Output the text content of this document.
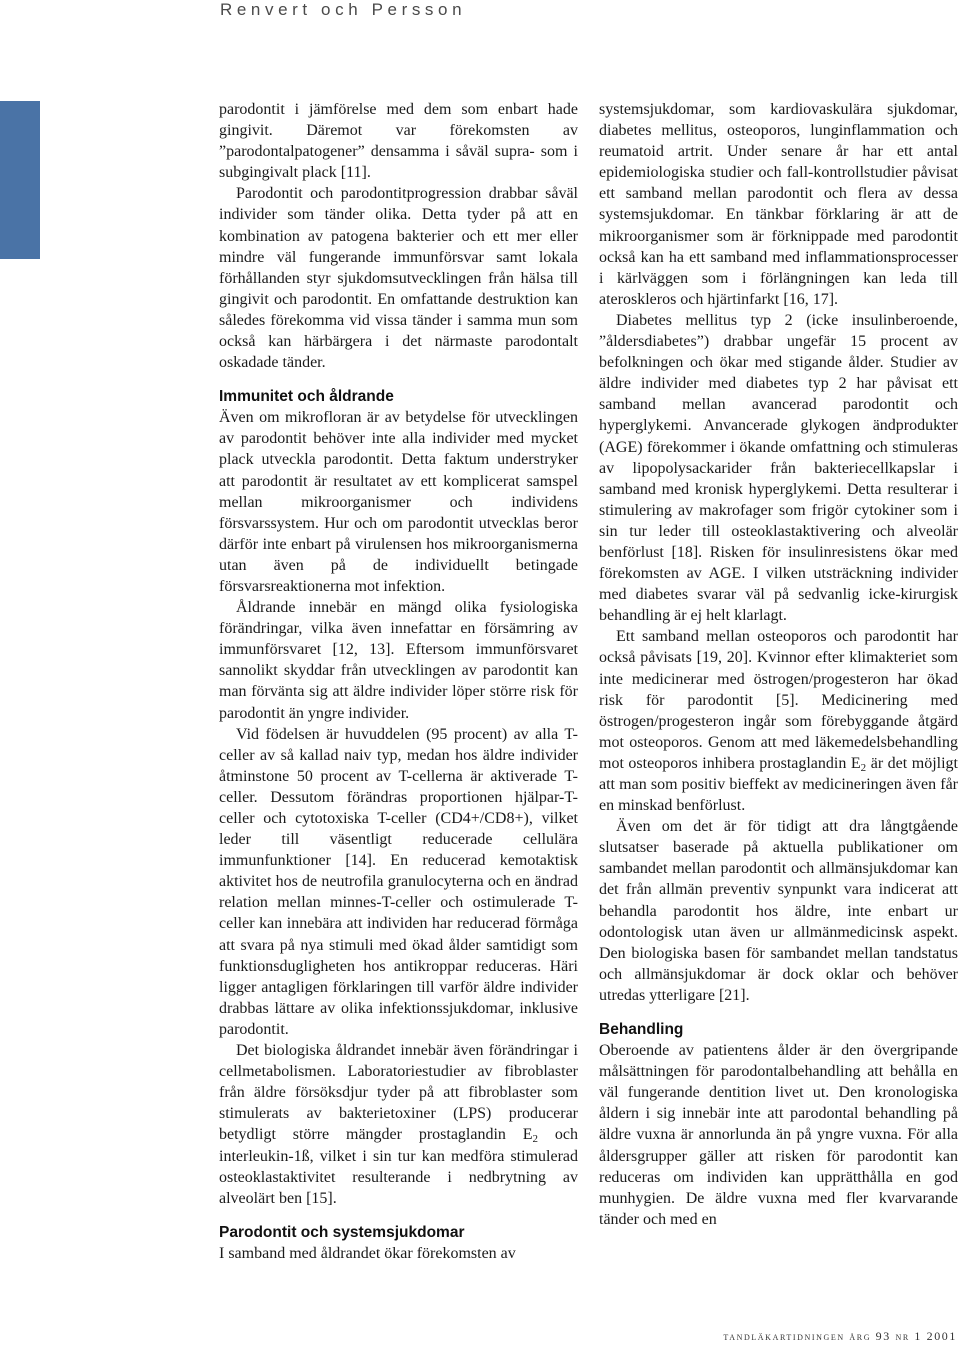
Renvert och Persson

parodontit i jämförelse med dem som enbart hade gingivit. Däremot var förekomsten av ”parodontalpatogener” densamma i såväl supra- som i subgingivalt plack [11].

Parodontit och parodontitprogression drabbar såväl individer som tänder olika. Detta tyder på att en kombination av patogena bakterier och ett mer eller mindre väl fungerande immunförsvar samt lokala förhållanden styr sjukdomsutvecklingen från hälsa till gingivit och parodontit. En omfattande destruktion kan således förekomma vid vissa tänder i samma mun som också kan härbärgera i det närmaste parodontalt oskadade tänder.

Immunitet och åldrande

Även om mikrofloran är av betydelse för utvecklingen av parodontit behöver inte alla individer med mycket plack utveckla parodontit. Detta faktum understryker att parodontit är resultatet av ett komplicerat samspel mellan mikroorganismer och individens försvarssystem. Hur och om parodontit utvecklas beror därför inte enbart på virulensen hos mikroorganismerna utan även på de individuellt betingade försvarsreaktionerna mot infektion.

Åldrande innebär en mängd olika fysiologiska förändringar, vilka även innefattar en försämring av immunförsvaret [12, 13]. Eftersom immunförsvaret sannolikt skyddar från utvecklingen av parodontit kan man förvänta sig att äldre individer löper större risk för parodontit än yngre individer.

Vid födelsen är huvuddelen (95 procent) av alla T-celler av så kallad naiv typ, medan hos äldre individer åtminstone 50 procent av T-cellerna är aktiverade T-celler. Dessutom förändras proportionen hjälpar-T-celler och cytotoxiska T-celler (CD4+/CD8+), vilket leder till väsentligt reducerade cellulära immunfunktioner [14]. En reducerad kemotaktisk aktivitet hos de neutrofila granulocyterna och en ändrad relation mellan minnes-T-celler och ostimulerade T-celler kan innebära att individen har reducerad förmåga att svara på nya stimuli med ökad ålder samtidigt som funktionsdugligheten hos antikroppar reduceras. Häri ligger antagligen förklaringen till varför äldre individer drabbas lättare av olika infektionssjukdomar, inklusive parodontit.

Det biologiska åldrandet innebär även förändringar i cellmetabolismen. Laboratoriestudier av fibroblaster från äldre försöksdjur tyder på att fibroblaster som stimulerats av bakterietoxiner (LPS) producerar betydligt större mängder prostaglandin $E_2$ och interleukin-1ß, vilket i sin tur kan medföra stimulerad osteoklastaktivitet resulterande i nedbrytning av alveolärt ben [15].

Parodontit och systemsjukdomar

I samband med åldrandet ökar förekomsten av

systemsjukdomar, som kardiovaskulära sjukdomar, diabetes mellitus, osteoporos, lunginflammation och reumatoid artrit. Under senare år har ett antal epidemiologiska studier och fall-kontrollstudier påvisat ett samband mellan parodontit och flera av dessa systemsjukdomar. En tänkbar förklaring är att de mikroorganismer som är förknippade med parodontit också kan ha ett samband med inflammationsprocesser i kärlväggen som i förlängningen kan leda till ateroskleros och hjärtinfarkt [16, 17].

Diabetes mellitus typ 2 (icke insulinberoende, ”åldersdiabetes”) drabbar ungefär 15 procent av befolkningen och ökar med stigande ålder. Studier av äldre individer med diabetes typ 2 har påvisat ett samband mellan avancerad parodontit och hyperglykemi. Anvancerade glykogen ändprodukter (AGE) förekommer i ökande omfattning och stimuleras av lipopolysackarider från bakteriecellkapslar i samband med kronisk hyperglykemi. Detta resulterar i stimulering av makrofager som frigör cytokiner som i sin tur leder till osteoklastaktivering och alveolär benförlust [18]. Risken för insulinresistens ökar med förekomsten av AGE. I vilken utsträckning individer med diabetes svarar väl på sedvanlig icke-kirurgisk behandling är ej helt klarlagt.

Ett samband mellan osteoporos och parodontit har också påvisats [19, 20]. Kvinnor efter klimakteriet som inte medicinerar med östrogen/progesteron har ökad risk för parodontit [5]. Medicinering med östrogen/progesteron ingår som förebyggande åtgärd mot osteoporos. Genom att med läkemedelsbehandling mot osteoporos inhibera prostaglandin $E_2$ är det möjligt att man som positiv bieffekt av medicineringen även får en minskad benförlust.

Även om det är för tidigt att dra långtgående slutsatser baserade på aktuella publikationer om sambandet mellan parodontit och allmänsjukdomar kan det från allmän preventiv synpunkt vara indicerat att behandla parodontit hos äldre, inte enbart ur odontologisk utan även ur allmänmedicinsk aspekt. Den biologiska basen för sambandet mellan tandstatus och allmänsjukdomar är dock oklar och behöver utredas ytterligare [21].

Behandling

Oberoende av patientens ålder är den övergripande målsättningen för parodontalbehandling att behålla en väl fungerande dentition livet ut. Den kronologiska åldern i sig innebär inte att parodontal behandling på äldre vuxna är annorlunda än på yngre vuxna. För alla åldersgrupper gäller att risken för parodontit kan reduceras om individen kan upprätthålla en god munhygien. De äldre vuxna med fler kvarvarande tänder och med en

tandläkartidningen årg 93 nr 1 2001
